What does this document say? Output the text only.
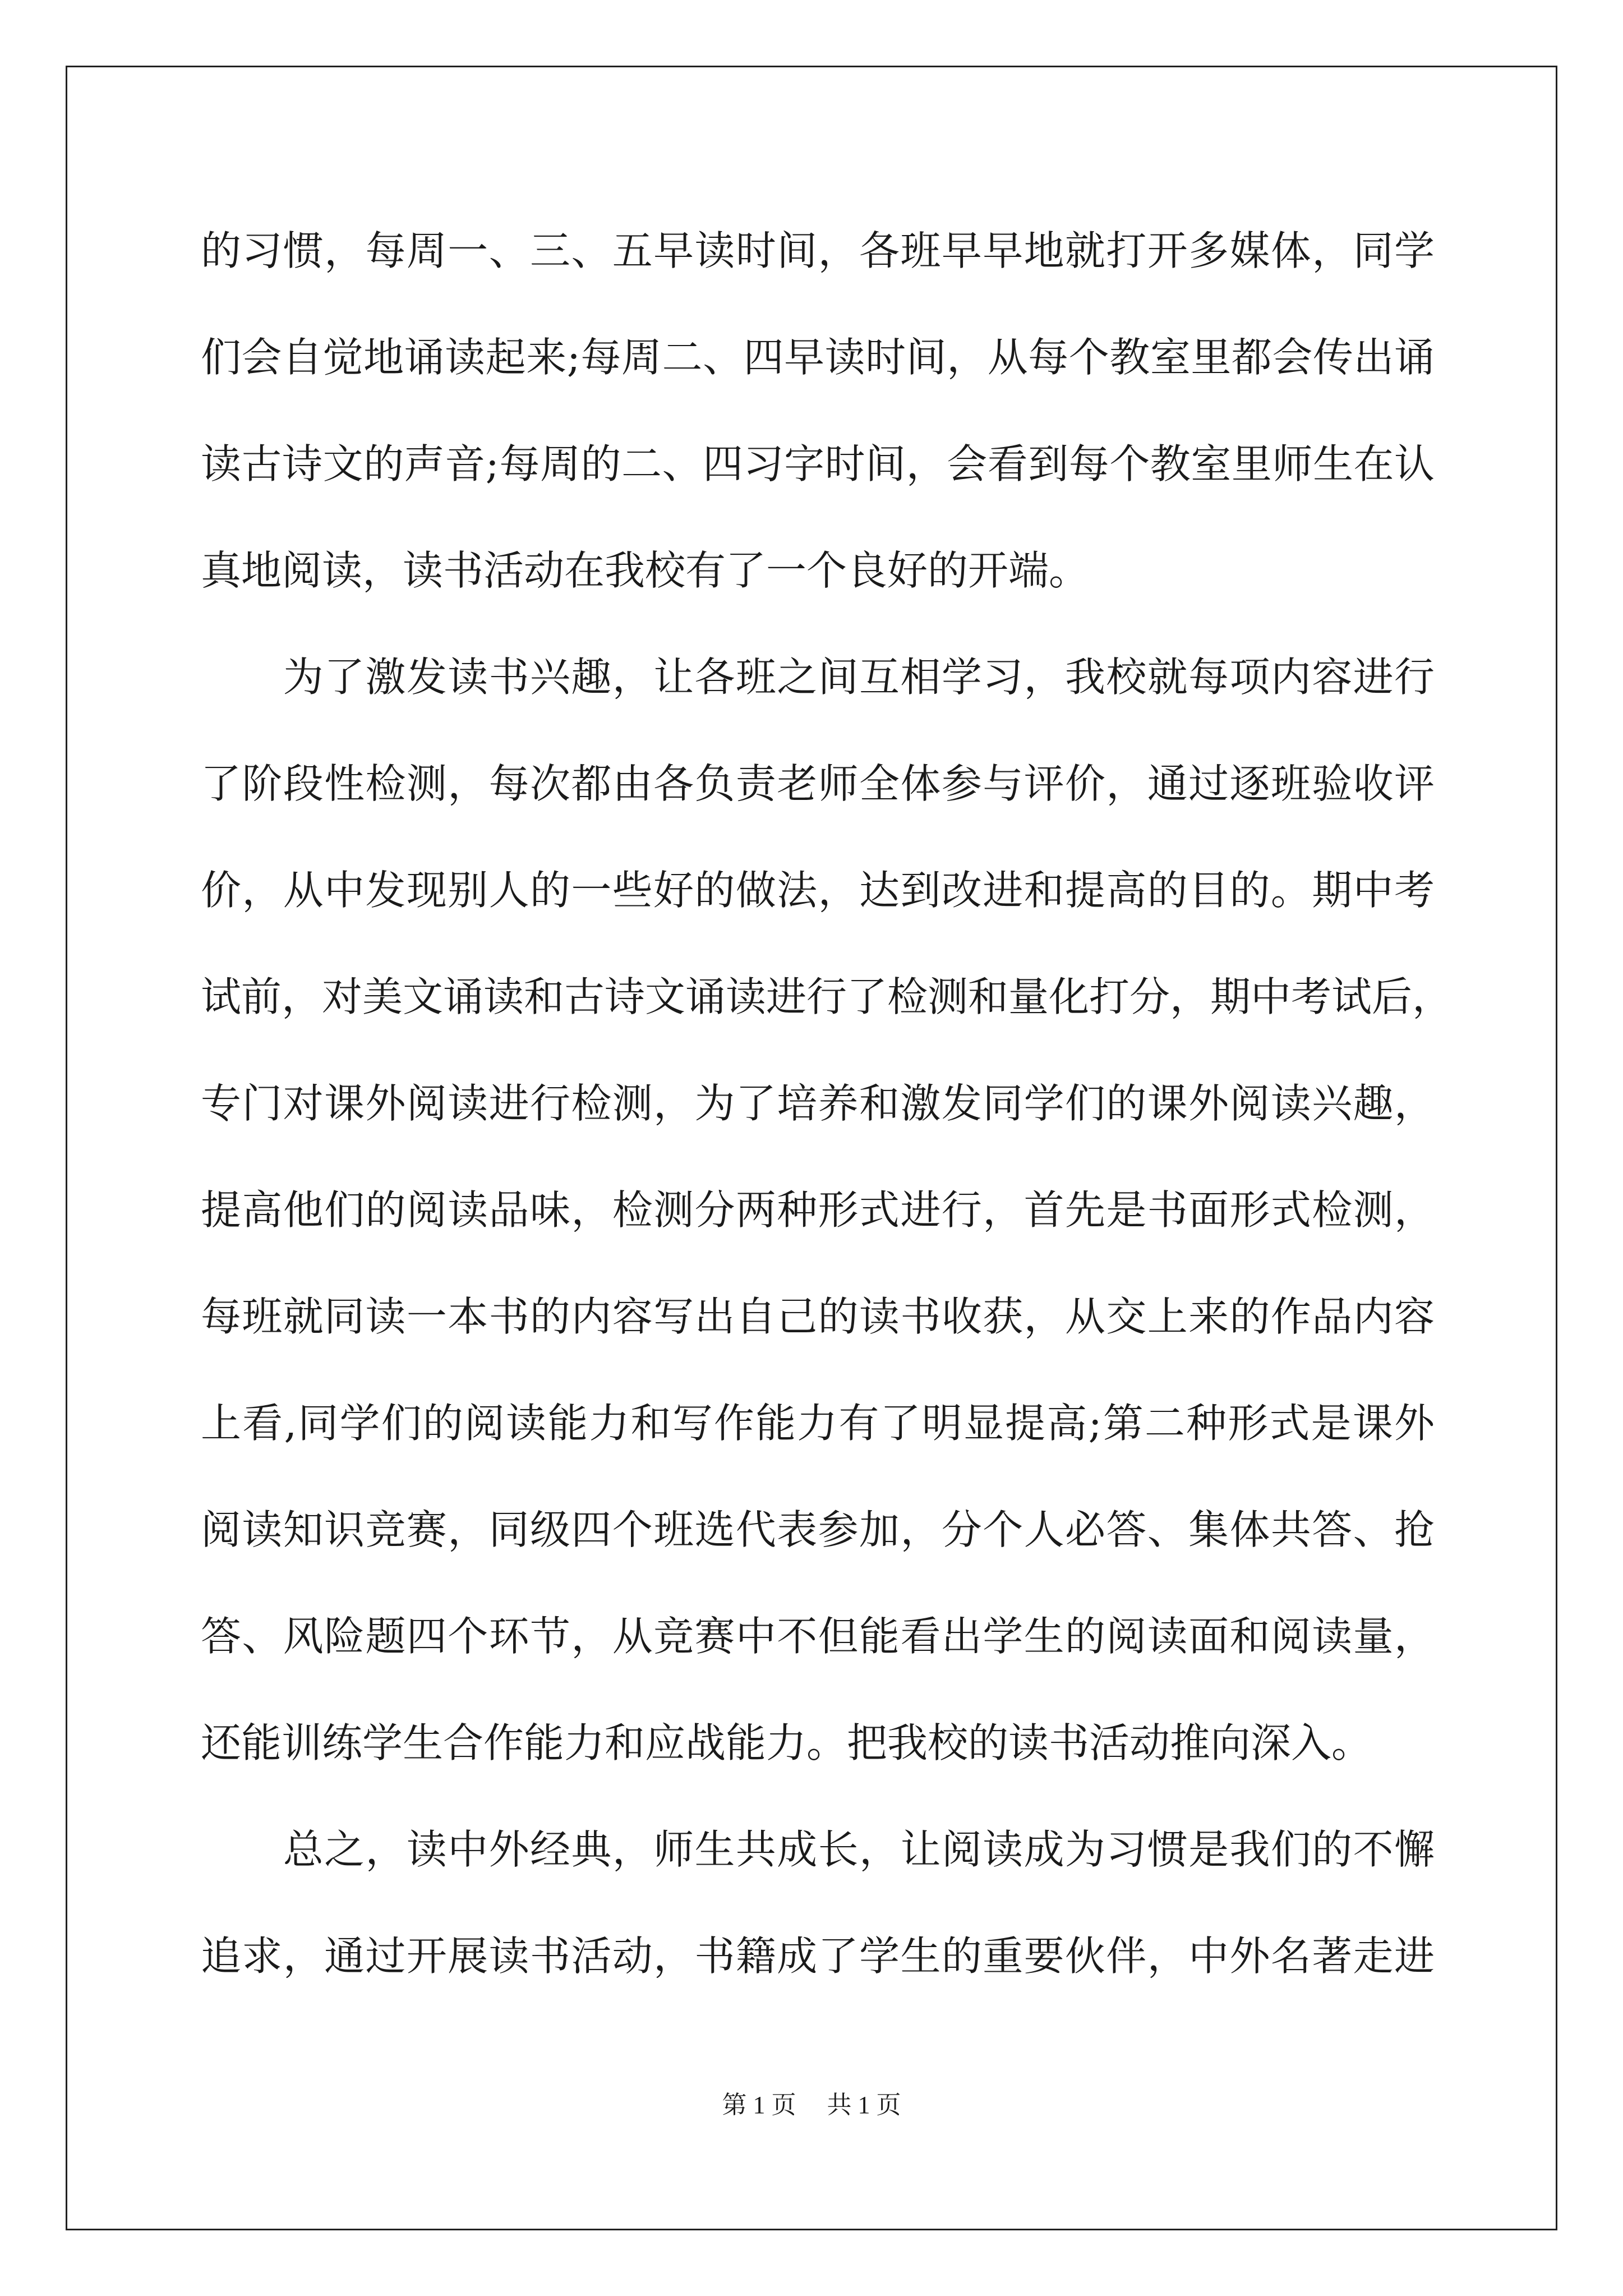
的习惯，每周一、三、五早读时间，各班早早地就打开多媒体，同学
们会自觉地诵读起来;每周二、四早读时间，从每个教室里都会传出诵
读古诗文的声音;每周的二、四习字时间，会看到每个教室里师生在认
真地阅读，读书活动在我校有了一个良好的开端。
　　为了激发读书兴趣，让各班之间互相学习，我校就每项内容进行
了阶段性检测，每次都由各负责老师全体参与评价，通过逐班验收评
价，从中发现别人的一些好的做法，达到改进和提高的目的。期中考
试前，对美文诵读和古诗文诵读进行了检测和量化打分，期中考试后，
专门对课外阅读进行检测，为了培养和激发同学们的课外阅读兴趣，
提高他们的阅读品味，检测分两种形式进行，首先是书面形式检测，
每班就同读一本书的内容写出自己的读书收获，从交上来的作品内容
上看,同学们的阅读能力和写作能力有了明显提高;第二种形式是课外
阅读知识竞赛，同级四个班选代表参加，分个人必答、集体共答、抢
答、风险题四个环节，从竞赛中不但能看出学生的阅读面和阅读量，
还能训练学生合作能力和应战能力。把我校的读书活动推向深入。
　　总之，读中外经典，师生共成长，让阅读成为习惯是我们的不懈
追求，通过开展读书活动，书籍成了学生的重要伙伴，中外名著走进
第 1 页　 共 1 页
